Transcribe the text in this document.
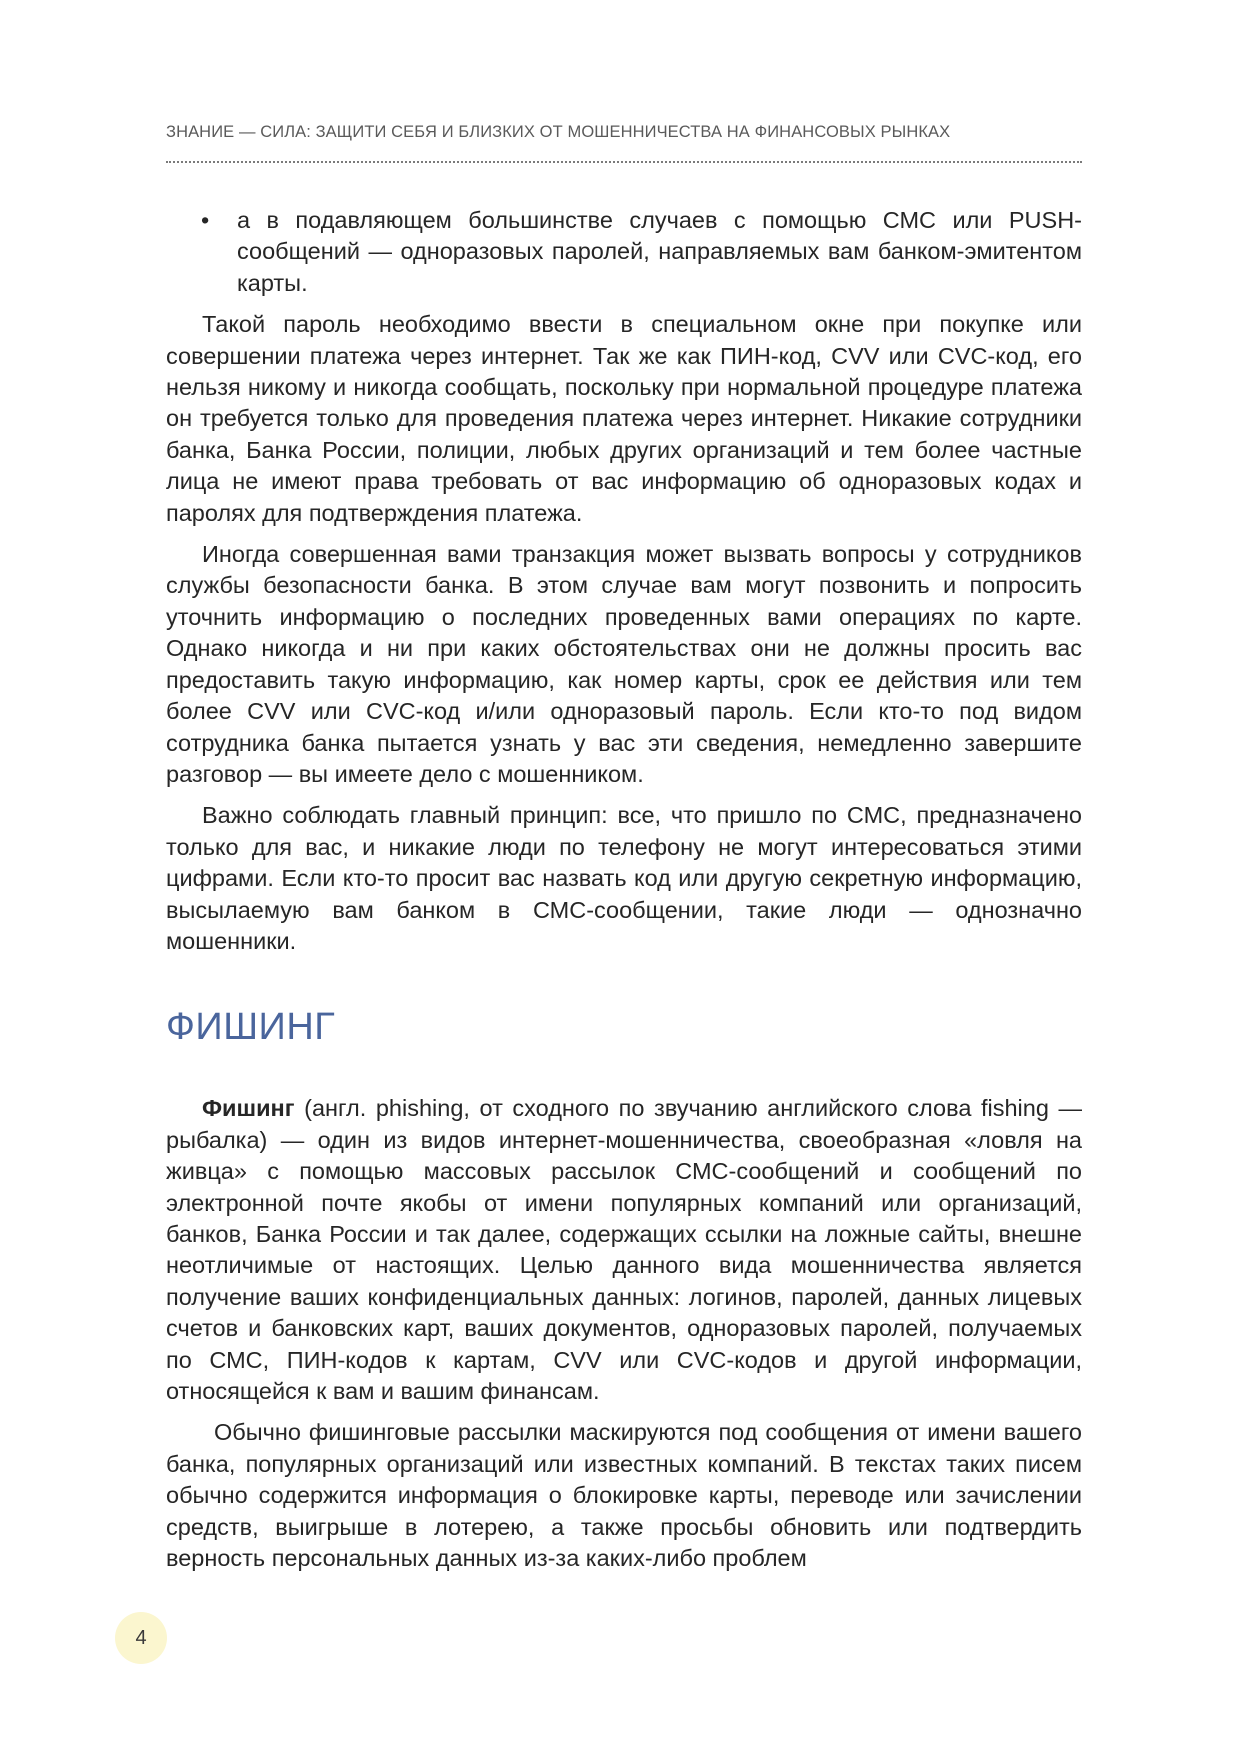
ЗНАНИЕ — СИЛА: ЗАЩИТИ СЕБЯ И БЛИЗКИХ ОТ МОШЕННИЧЕСТВА НА ФИНАНСОВЫХ РЫНКАХ
• а в подавляющем большинстве случаев с помощью СМС или PUSH-сообщений — одноразовых паролей, направляемых вам банком-эмитентом карты.

Такой пароль необходимо ввести в специальном окне при покупке или совершении платежа через интернет. Так же как ПИН-код, CVV или CVC-код, его нельзя никому и никогда сообщать, поскольку при нормальной процедуре платежа он требуется только для проведения платежа через интернет. Никакие сотрудники банка, Банка России, полиции, любых других организаций и тем более частные лица не имеют права требовать от вас информацию об одноразовых кодах и паролях для подтверждения платежа.

Иногда совершенная вами транзакция может вызвать вопросы у сотрудников службы безопасности банка. В этом случае вам могут позвонить и попросить уточнить информацию о последних проведенных вами операциях по карте. Однако никогда и ни при каких обстоятельствах они не должны просить вас предоставить такую информацию, как номер карты, срок ее действия или тем более CVV или CVC-код и/или одноразовый пароль. Если кто-то под видом сотрудника банка пытается узнать у вас эти сведения, немедленно завершите разговор — вы имеете дело с мошенником.

Важно соблюдать главный принцип: все, что пришло по СМС, предназначено только для вас, и никакие люди по телефону не могут интересоваться этими цифрами. Если кто-то просит вас назвать код или другую секретную информацию, высылаемую вам банком в СМС-сообщении, такие люди — однозначно мошенники.

ФИШИНГ

Фишинг (англ. phishing, от сходного по звучанию английского слова fishing — рыбалка) — один из видов интернет-мошенничества, своеобразная «ловля на живца» с помощью массовых рассылок СМС-сообщений и сообщений по электронной почте якобы от имени популярных компаний или организаций, банков, Банка России и так далее, содержащих ссылки на ложные сайты, внешне неотличимые от настоящих. Целью данного вида мошенничества является получение ваших конфиденциальных данных: логинов, паролей, данных лицевых счетов и банковских карт, ваших документов, одноразовых паролей, получаемых по СМС, ПИН-кодов к картам, CVV или CVC-кодов и другой информации, относящейся к вам и вашим финансам.

Обычно фишинговые рассылки маскируются под сообщения от имени вашего банка, популярных организаций или известных компаний. В текстах таких писем обычно содержится информация о блокировке карты, переводе или зачислении средств, выигрыше в лотерею, а также просьбы обновить или подтвердить верность персональных данных из-за каких-либо проблем

4
